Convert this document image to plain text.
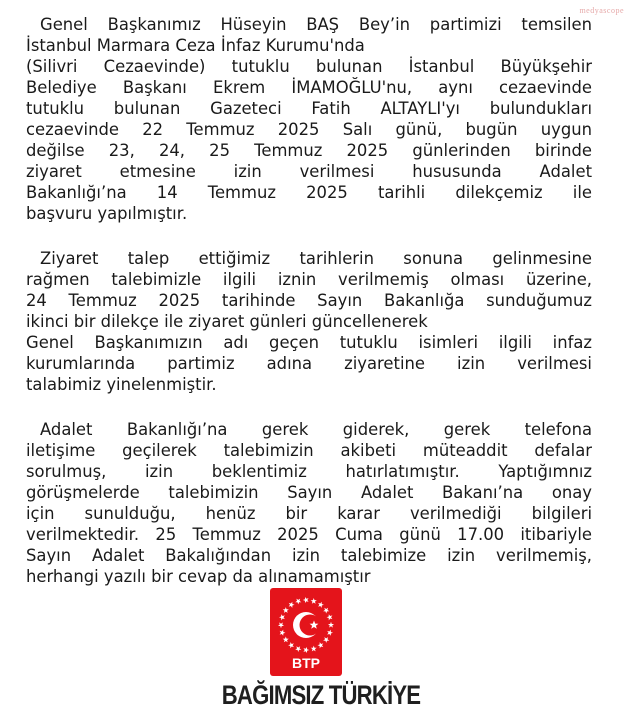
medyascope

Genel Başkanımız Hüseyin BAŞ Bey’in partimizi temsilen
İstanbul Marmara Ceza İnfaz Kurumu'nda
(Silivri Cezaevinde) tutuklu bulunan İstanbul Büyükşehir
Belediye Başkanı Ekrem İMAMOĞLU'nu, aynı cezaevinde
tutuklu bulunan Gazeteci Fatih ALTAYLI'yı bulundukları
cezaevinde 22 Temmuz 2025 Salı günü, bugün uygun
değilse 23, 24, 25 Temmuz 2025 günlerinden birinde
ziyaret etmesine izin verilmesi hususunda Adalet
Bakanlığı’na 14 Temmuz 2025 tarihli dilekçemiz ile
başvuru yapılmıştır.

Ziyaret talep ettiğimiz tarihlerin sonuna gelinmesine
rağmen talebimizle ilgili iznin verilmemiş olması üzerine,
24 Temmuz 2025 tarihinde Sayın Bakanlığa sunduğumuz
ikinci bir dilekçe ile ziyaret günleri güncellenerek
Genel Başkanımızın adı geçen tutuklu isimleri ilgili infaz
kurumlarında partimiz adına ziyaretine izin verilmesi
talabimiz yinelenmiştir.

Adalet Bakanlığı’na gerek giderek, gerek telefona
iletişime geçilerek talebimizin akibeti müteaddit defalar
sorulmuş, izin beklentimiz hatırlatımıştır. Yaptığımnız
görüşmelerde talebimizin Sayın Adalet Bakanı’na onay
için sunulduğu, henüz bir karar verilmediği bilgileri
verilmektedir. 25 Temmuz 2025 Cuma günü 17.00 itibariyle
Sayın Adalet Bakalığından izin talebimize izin verilmemiş,
herhangi yazılı bir cevap da alınamamıştır

BTP
BAĞIMSIZ TÜRKİYE
